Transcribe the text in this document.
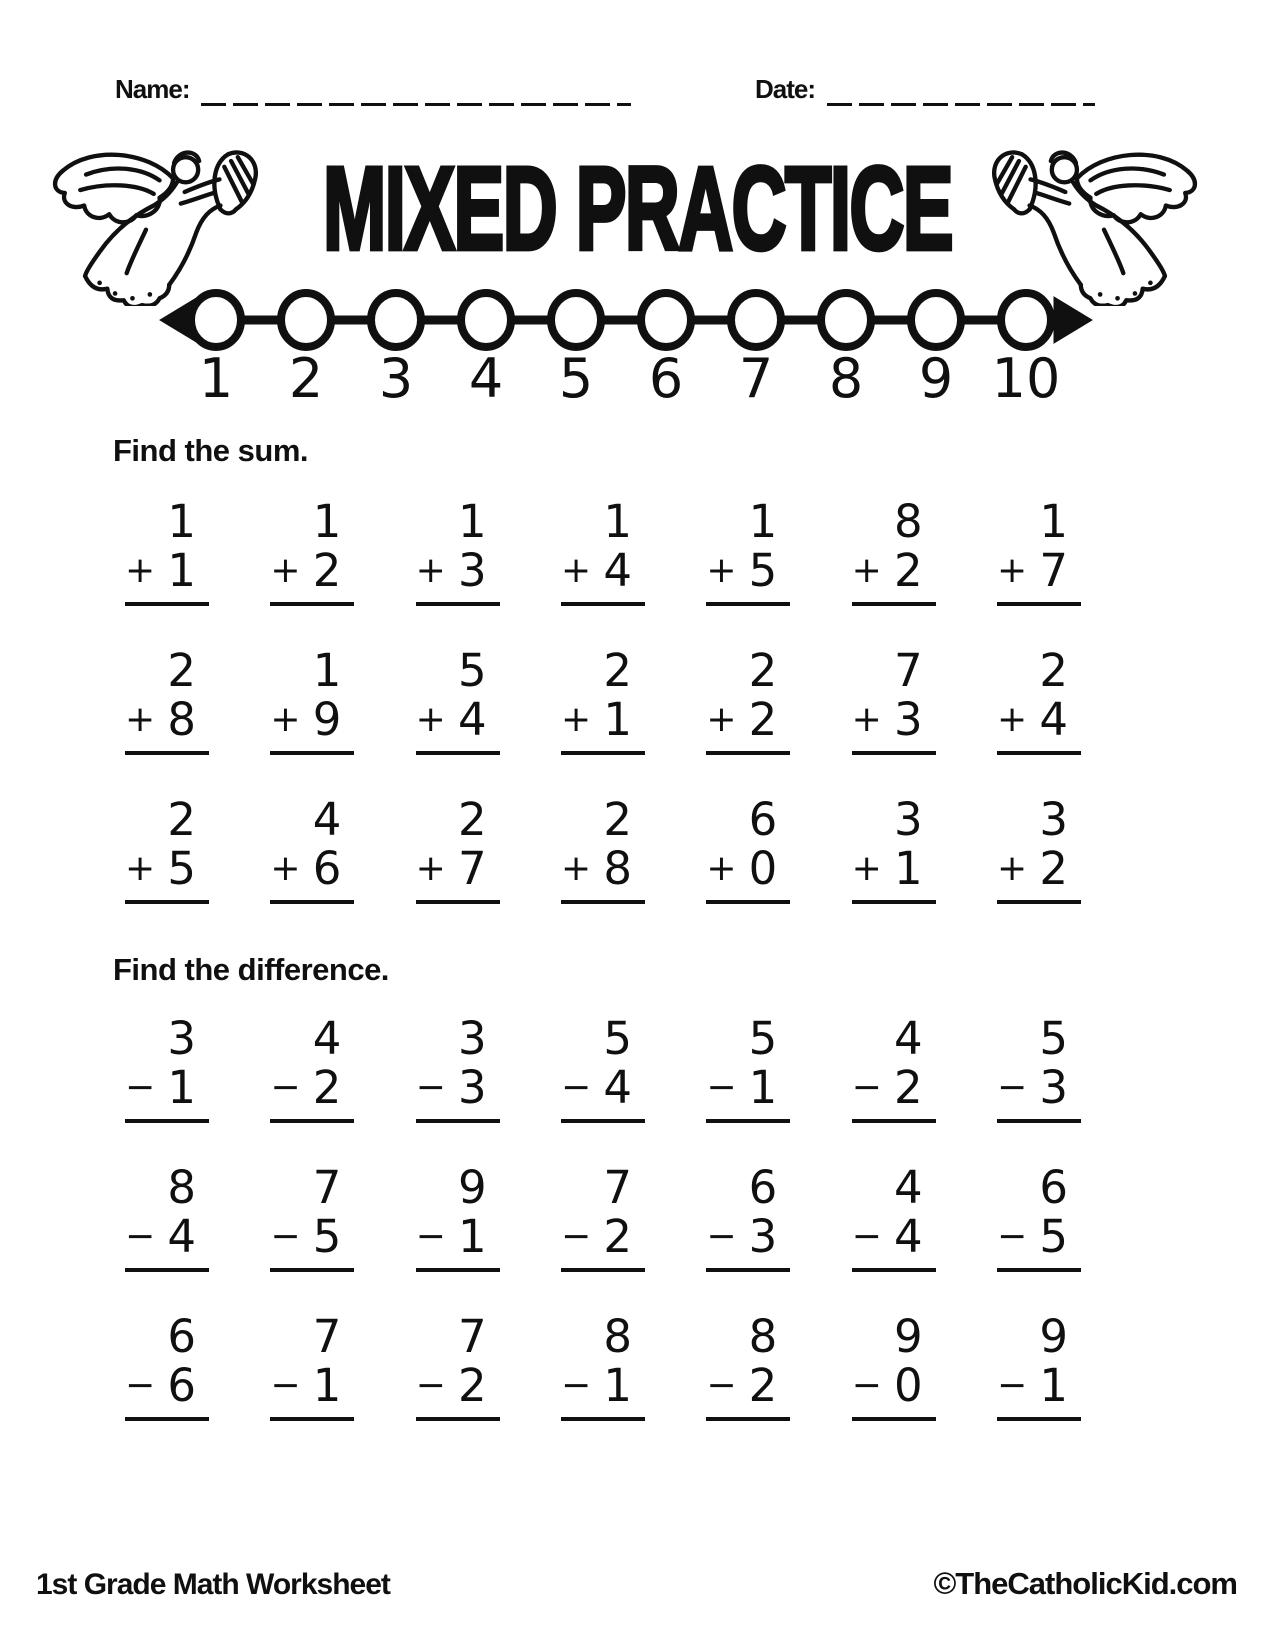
Name:	Date:
MIXED PRACTICE
1 2 3 4 5 6 7 8 9 10
Find the sum.
1
+ 1
1
+ 2
1
+ 3
1
+ 4
1
+ 5
8
+ 2
1
+ 7
2
+ 8
1
+ 9
5
+ 4
2
+ 1
2
+ 2
7
+ 3
2
+ 4
2
+ 5
4
+ 6
2
+ 7
2
+ 8
6
+ 0
3
+ 1
3
+ 2
Find the difference.
3
− 1
4
− 2
3
− 3
5
− 4
5
− 1
4
− 2
5
− 3
8
− 4
7
− 5
9
− 1
7
− 2
6
− 3
4
− 4
6
− 5
6
− 6
7
− 1
7
− 2
8
− 1
8
− 2
9
− 0
9
− 1
1st Grade Math Worksheet	©TheCatholicKid.com
